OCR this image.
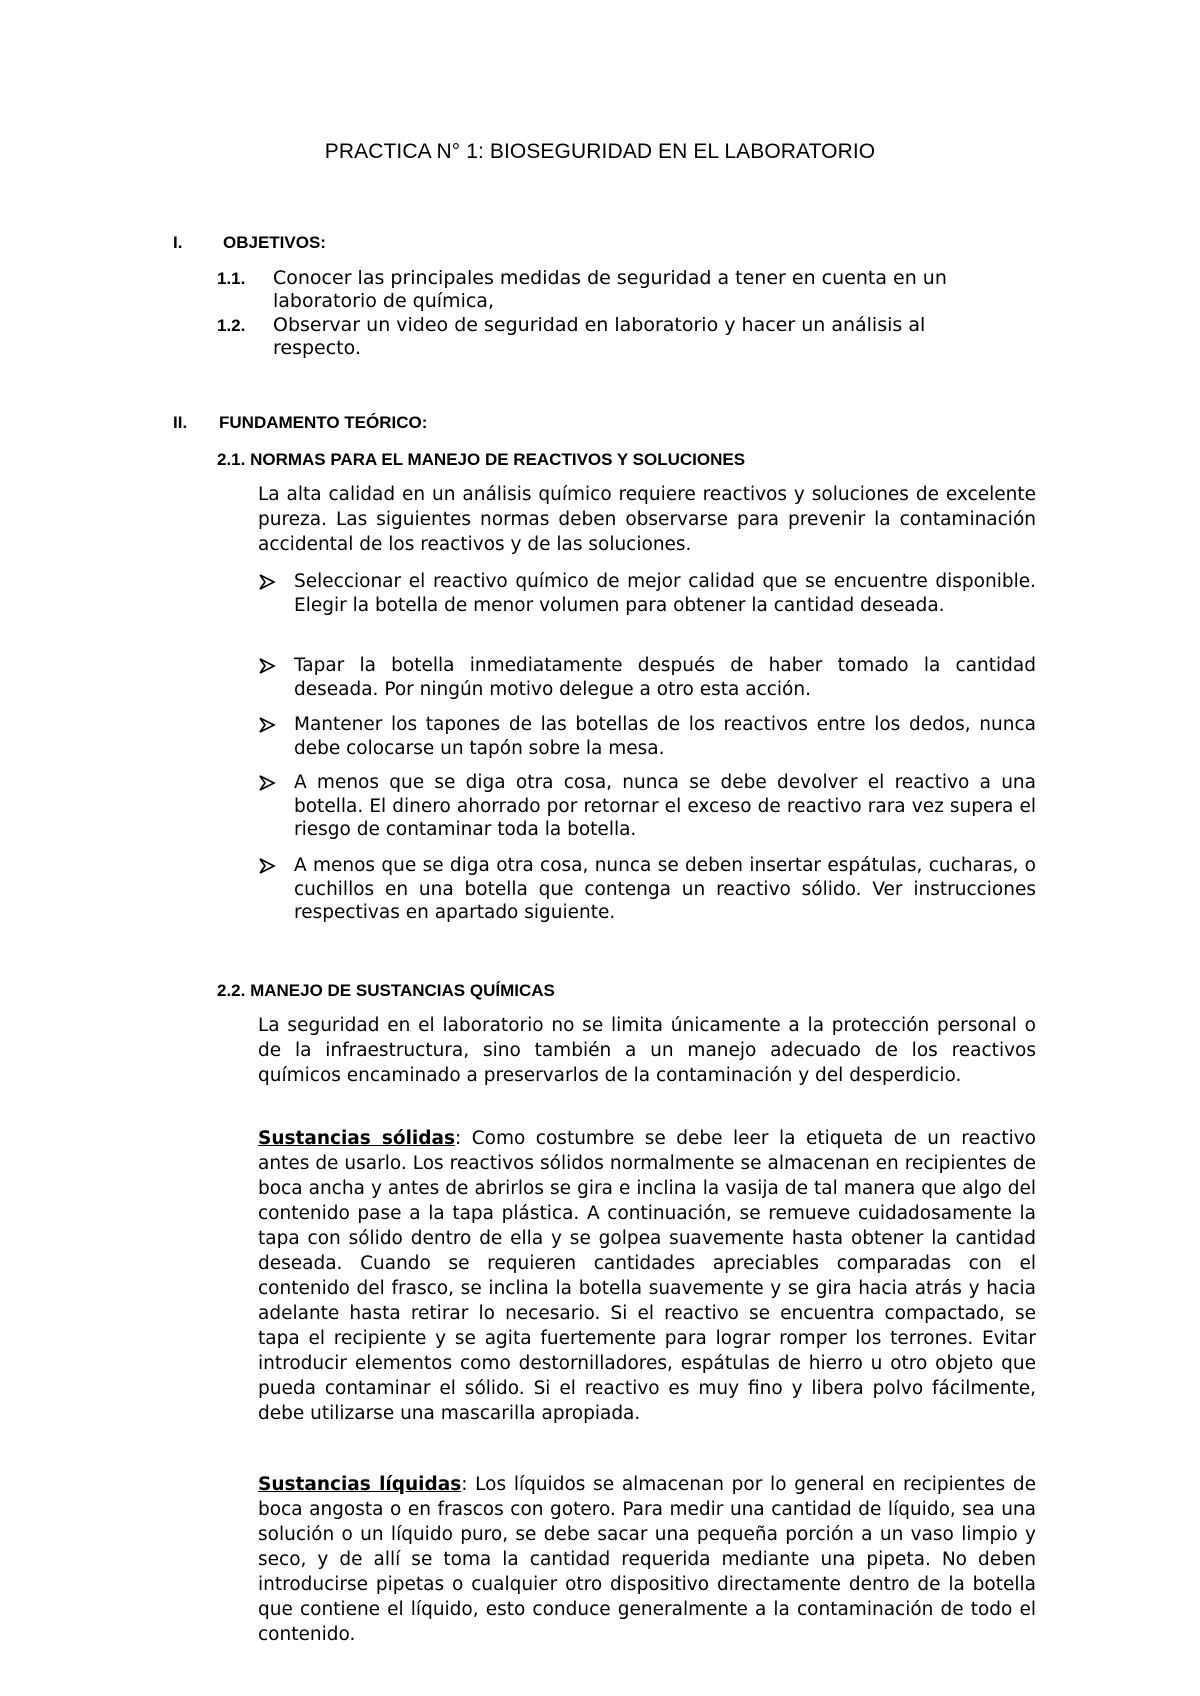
PRACTICA N° 1: BIOSEGURIDAD EN EL LABORATORIO
I. OBJETIVOS:
1.1. Conocer las principales medidas de seguridad a tener en cuenta en un laboratorio de química,
1.2. Observar un video de seguridad en laboratorio y hacer un análisis al respecto.
II. FUNDAMENTO TEÓRICO:
2.1. NORMAS PARA EL MANEJO DE REACTIVOS Y SOLUCIONES
La alta calidad en un análisis químico requiere reactivos y soluciones de excelente pureza. Las siguientes normas deben observarse para prevenir la contaminación accidental de los reactivos y de las soluciones.
Seleccionar el reactivo químico de mejor calidad que se encuentre disponible. Elegir la botella de menor volumen para obtener la cantidad deseada.
Tapar la botella inmediatamente después de haber tomado la cantidad deseada. Por ningún motivo delegue a otro esta acción.
Mantener los tapones de las botellas de los reactivos entre los dedos, nunca debe colocarse un tapón sobre la mesa.
A menos que se diga otra cosa, nunca se debe devolver el reactivo a una botella. El dinero ahorrado por retornar el exceso de reactivo rara vez supera el riesgo de contaminar toda la botella.
A menos que se diga otra cosa, nunca se deben insertar espátulas, cucharas, o cuchillos en una botella que contenga un reactivo sólido. Ver instrucciones respectivas en apartado siguiente.
2.2. MANEJO DE SUSTANCIAS QUÍMICAS
La seguridad en el laboratorio no se limita únicamente a la protección personal o de la infraestructura, sino también a un manejo adecuado de los reactivos químicos encaminado a preservarlos de la contaminación y del desperdicio.
Sustancias sólidas: Como costumbre se debe leer la etiqueta de un reactivo antes de usarlo. Los reactivos sólidos normalmente se almacenan en recipientes de boca ancha y antes de abrirlos se gira e inclina la vasija de tal manera que algo del contenido pase a la tapa plástica. A continuación, se remueve cuidadosamente la tapa con sólido dentro de ella y se golpea suavemente hasta obtener la cantidad deseada. Cuando se requieren cantidades apreciables comparadas con el contenido del frasco, se inclina la botella suavemente y se gira hacia atrás y hacia adelante hasta retirar lo necesario. Si el reactivo se encuentra compactado, se tapa el recipiente y se agita fuertemente para lograr romper los terrones. Evitar introducir elementos como destornilladores, espátulas de hierro u otro objeto que pueda contaminar el sólido. Si el reactivo es muy fino y libera polvo fácilmente, debe utilizarse una mascarilla apropiada.
Sustancias líquidas: Los líquidos se almacenan por lo general en recipientes de boca angosta o en frascos con gotero. Para medir una cantidad de líquido, sea una solución o un líquido puro, se debe sacar una pequeña porción a un vaso limpio y seco, y de allí se toma la cantidad requerida mediante una pipeta. No deben introducirse pipetas o cualquier otro dispositivo directamente dentro de la botella que contiene el líquido, esto conduce generalmente a la contaminación de todo el contenido.
